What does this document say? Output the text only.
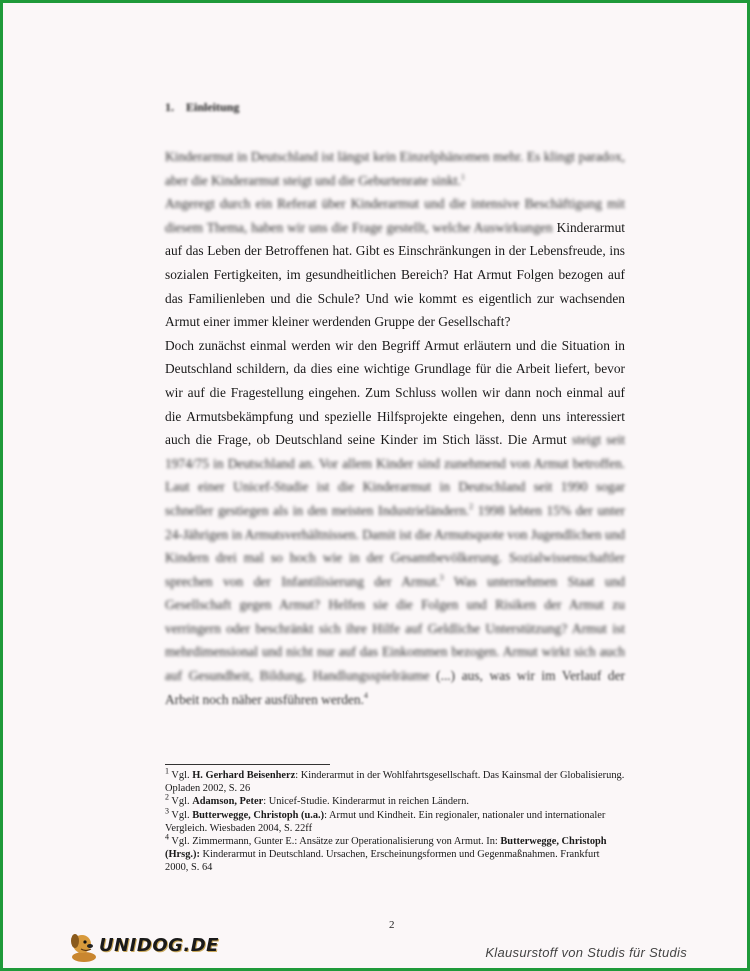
1. Einleitung

Kinderarmut in Deutschland ist längst kein Einzelphänomen mehr. Es klingt paradox, aber die Kinderarmut steigt und die Geburtenrate sinkt.$^1$

Angeregt durch ein Referat über Kinderarmut und die intensive Beschäftigung mit diesem Thema, haben wir uns die Frage gestellt, welche Auswirkungen Kinderarmut auf das Leben der Betroffenen hat. Gibt es Einschränkungen in der Lebensfreude, ins sozialen Fertigkeiten, im gesundheitlichen Bereich? Hat Armut Folgen bezogen auf das Familienleben und die Schule? Und wie kommt es eigentlich zur wachsenden Armut einer immer kleiner werdenden Gruppe der Gesellschaft?

Doch zunächst einmal werden wir den Begriff Armut erläutern und die Situation in Deutschland schildern, da dies eine wichtige Grundlage für die Arbeit liefert, bevor wir auf die Fragestellung eingehen. Zum Schluss wollen wir dann noch einmal auf die Armutsbekämpfung und spezielle Hilfsprojekte eingehen, denn uns interessiert auch die Frage, ob Deutschland seine Kinder im Stich lässt. Die Armut steigt seit 1974/75 in Deutschland an. Vor allem Kinder sind zunehmend von Armut betroffen. Laut einer Unicef-Studie ist die Kinderarmut in Deutschland seit 1990 sogar schneller gestiegen als in den meisten Industrieländern.$^2$ 1998 lebten 15% der unter 24-Jährigen in Armutsverhältnissen. Damit ist die Armutsquote von Jugendlichen und Kindern drei mal so hoch wie in der Gesamtbevölkerung. Sozialwissenschaftler sprechen von der Infantilisierung der Armut.$^3$ Was unternehmen Staat und Gesellschaft gegen Armut? Helfen sie die Folgen und Risiken der Armut zu verringern oder beschränkt sich ihre Hilfe auf Geldliche Unterstützung? Armut ist mehrdimensional und nicht nur auf das Einkommen bezogen. Armut wirkt sich auch auf Gesundheit, Bildung, Handlungsspielräume (...) aus, was wir im Verlauf der Arbeit noch näher ausführen werden.$^4$

$^1$ Vgl. H. Gerhard Beisenherz: Kinderarmut in der Wohlfahrtsgesellschaft. Das Kainsmal der Globalisierung. Opladen 2002, S. 26

$^2$ Vgl. Adamson, Peter: Unicef-Studie. Kinderarmut in reichen Ländern.

$^3$ Vgl. Butterwegge, Christoph (u.a.): Armut und Kindheit. Ein regionaler, nationaler und internationaler Vergleich. Wiesbaden 2004, S. 22ff

$^4$ Vgl. Zimmermann, Gunter E.: Ansätze zur Operationalisierung von Armut. In: Butterwegge, Christoph (Hrsg.): Kinderarmut in Deutschland. Ursachen, Erscheinungsformen und Gegenmaßnahmen. Frankfurt 2000, S. 64

2
UNIDOG.DE	Klausurstoff von Studis für Studis
